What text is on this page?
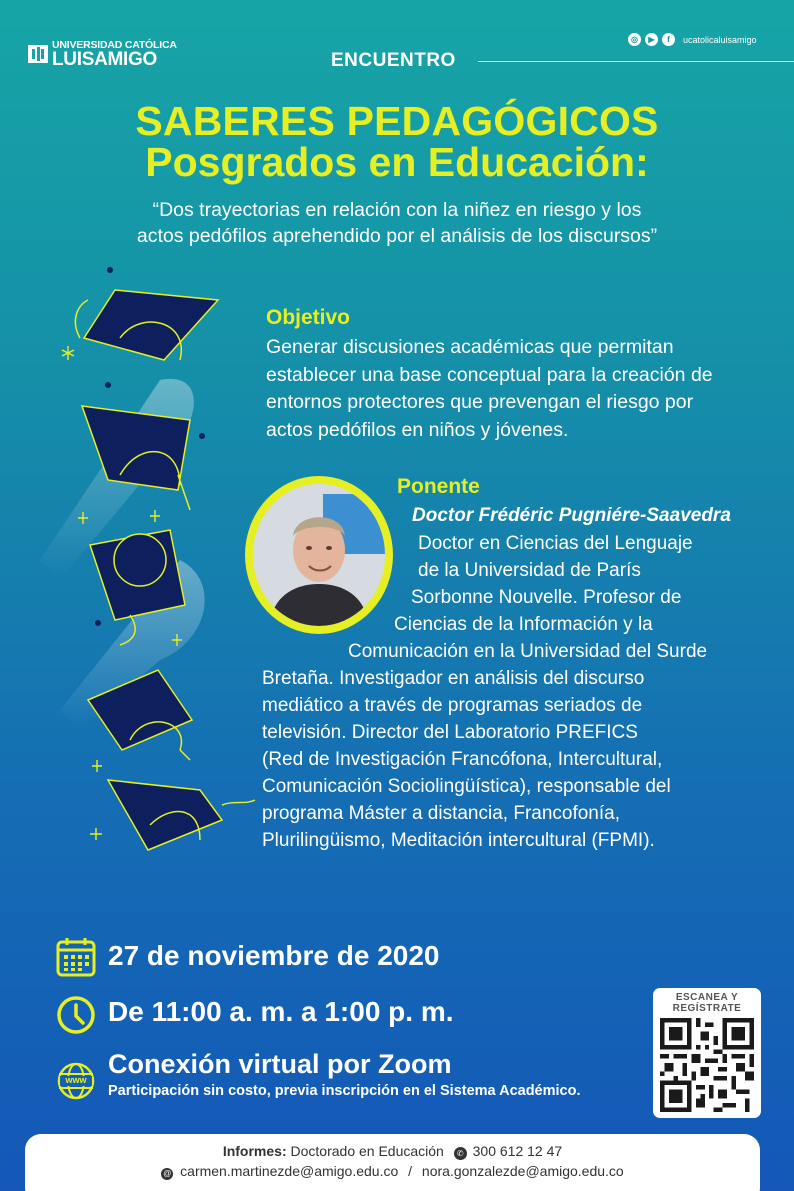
UNIVERSIDAD CATÓLICA
LUISAMIGO	ENCUENTRO
◎	▶	f	ucatolicaluisamigo
SABERES PEDAGÓGICOS
Posgrados en Educación:
“Dos trayectorias en relación con la niñez en riesgo y los
actos pedófilos aprehendido por el análisis de los discursos”
Objetivo
Generar discusiones académicas que permitan
establecer una base conceptual para la creación de
entornos protectores que prevengan el riesgo por
actos pedófilos en niños y jóvenes.
Ponente
Doctor Frédéric Pugniére-Saavedra
Doctor en Ciencias del Lenguaje
de la Universidad de París
Sorbonne Nouvelle. Profesor de
Ciencias de la Información y la
Comunicación en la Universidad del Surde
Bretaña. Investigador en análisis del discurso
mediático a través de programas seriados de
televisión. Director del Laboratorio PREFICS
(Red de Investigación Francófona, Intercultural,
Comunicación Sociolingüística), responsable del
programa Máster a distancia, Francofonía,
Plurilingüismo, Meditación intercultural (FPMI).
27 de noviembre de 2020
De 11:00 a. m. a 1:00 p. m.
www
Conexión virtual por Zoom
Participación sin costo, previa inscripción en el Sistema Académico.
ESCANEA Y
REGÍSTRATE
Informes: Doctorado en Educación ✆ 300 612 12 47
@ carmen.martinezde@amigo.edu.co / nora.gonzalezde@amigo.edu.co
